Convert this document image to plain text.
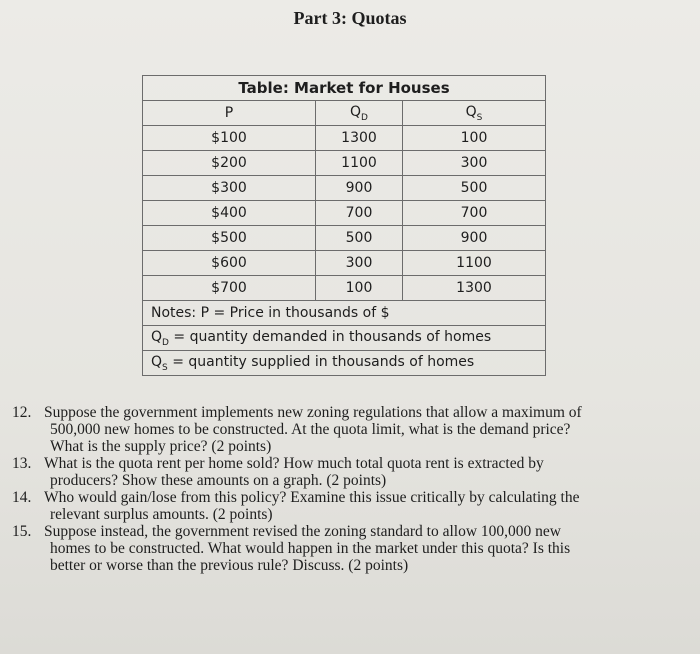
Part 3: Quotas
Table: Market for Houses		
P	$Q_D$	$Q_S$
$100	1300	100
$200	1100	300
$300	900	500
$400	700	700
$500	500	900
$600	300	1100
$700	100	1300
Notes: P = Price in thousands of $		
$Q_D$ = quantity demanded in thousands of homes		
$Q_S$ = quantity supplied in thousands of homes		
12. Suppose the government implements new zoning regulations that allow a maximum of
500,000 new homes to be constructed. At the quota limit, what is the demand price?
What is the supply price? (2 points)
13. What is the quota rent per home sold? How much total quota rent is extracted by
producers? Show these amounts on a graph. (2 points)
14. Who would gain/lose from this policy? Examine this issue critically by calculating the
relevant surplus amounts. (2 points)
15. Suppose instead, the government revised the zoning standard to allow 100,000 new
homes to be constructed. What would happen in the market under this quota? Is this
better or worse than the previous rule? Discuss. (2 points)
